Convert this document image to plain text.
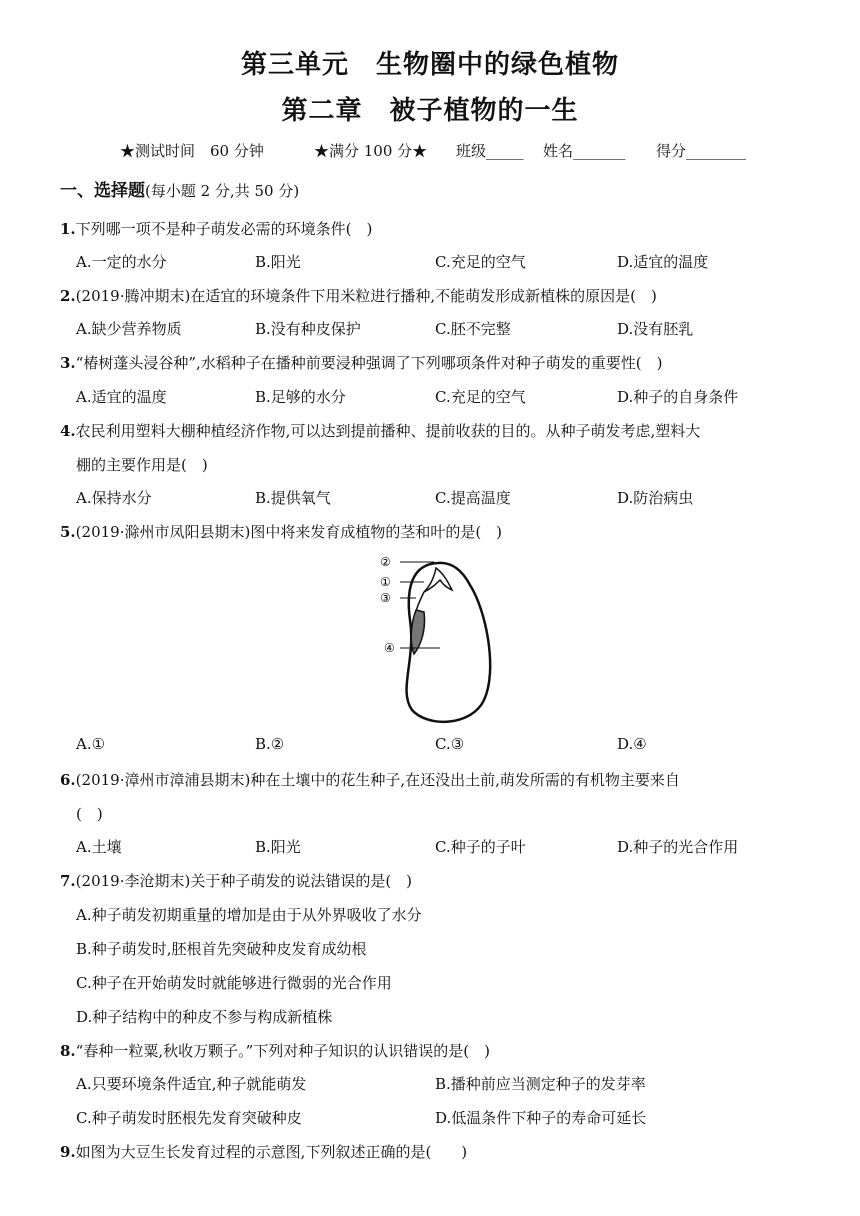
第三单元　生物圈中的绿色植物
第二章　被子植物的一生
★测试时间　60 分钟	★满分 100 分★ 班级_____ 姓名_______ 得分________
一、选择题(每小题 2 分,共 50 分)
1.下列哪一项不是种子萌发必需的环境条件(　)
A.一定的水分	B.阳光	C.充足的空气	D.适宜的温度
2.(2019·腾冲期末)在适宜的环境条件下用米粒进行播种,不能萌发形成新植株的原因是(　)
A.缺少营养物质	B.没有种皮保护	C.胚不完整	D.没有胚乳
3.“椿树蓬头浸谷种”,水稻种子在播种前要浸种强调了下列哪项条件对种子萌发的重要性(　)
A.适宜的温度	B.足够的水分	C.充足的空气	D.种子的自身条件
4.农民利用塑料大棚种植经济作物,可以达到提前播种、提前收获的目的。从种子萌发考虑,塑料大
棚的主要作用是(　)
A.保持水分	B.提供氧气	C.提高温度	D.防治病虫
5.(2019·滁州市凤阳县期末)图中将来发育成植物的茎和叶的是(　)
②
①
③
④
A.①	B.②	C.③	D.④
6.(2019·漳州市漳浦县期末)种在土壤中的花生种子,在还没出土前,萌发所需的有机物主要来自
(　)
A.土壤	B.阳光	C.种子的子叶	D.种子的光合作用
7.(2019·李沧期末)关于种子萌发的说法错误的是(　)
A.种子萌发初期重量的增加是由于从外界吸收了水分
B.种子萌发时,胚根首先突破种皮发育成幼根
C.种子在开始萌发时就能够进行微弱的光合作用
D.种子结构中的种皮不参与构成新植株
8.“春种一粒粟,秋收万颗子。”下列对种子知识的认识错误的是(　)
A.只要环境条件适宜,种子就能萌发	B.播种前应当测定种子的发芽率
C.种子萌发时胚根先发育突破种皮	D.低温条件下种子的寿命可延长
9.如图为大豆生长发育过程的示意图,下列叙述正确的是(　　)
